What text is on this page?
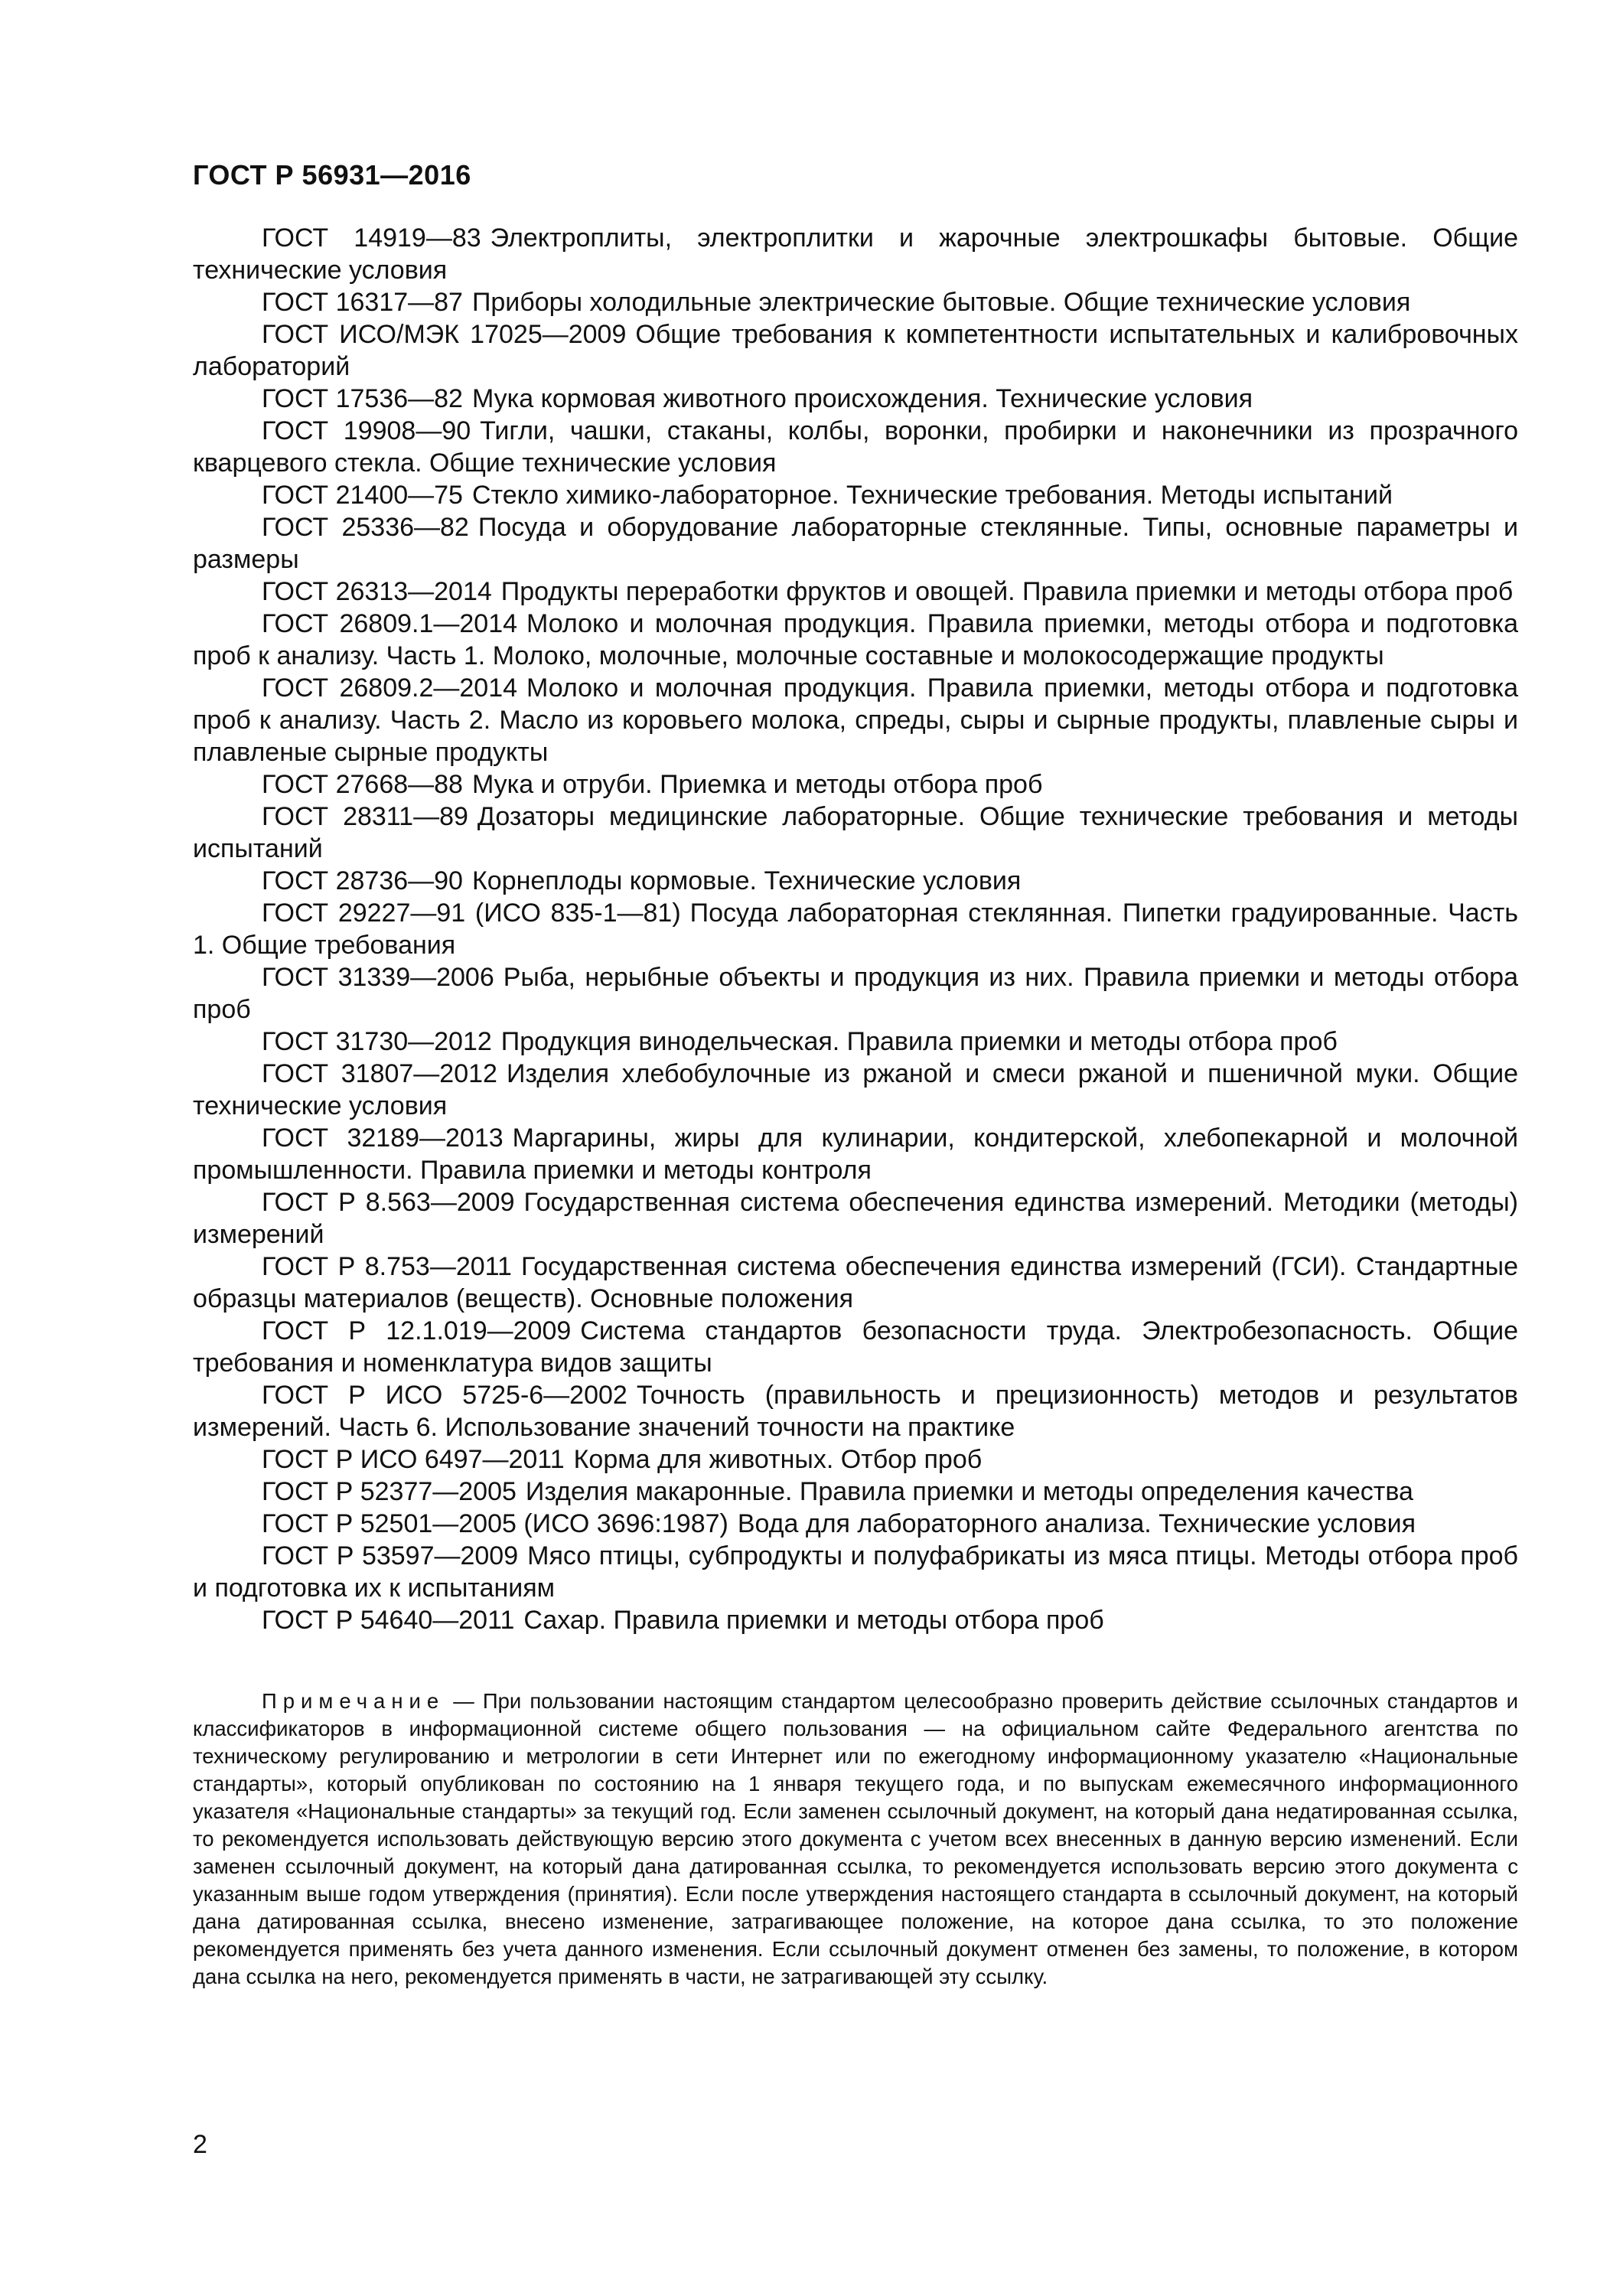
ГОСТ Р 56931—2016

ГОСТ 14919—83 Электроплиты, электроплитки и жарочные электрошкафы бытовые. Общие технические условия

ГОСТ 16317—87 Приборы холодильные электрические бытовые. Общие технические условия

ГОСТ ИСО/МЭК 17025—2009 Общие требования к компетентности испытательных и калибровочных лабораторий

ГОСТ 17536—82 Мука кормовая животного происхождения. Технические условия

ГОСТ 19908—90 Тигли, чашки, стаканы, колбы, воронки, пробирки и наконечники из прозрачного кварцевого стекла. Общие технические условия

ГОСТ 21400—75 Стекло химико-лабораторное. Технические требования. Методы испытаний

ГОСТ 25336—82 Посуда и оборудование лабораторные стеклянные. Типы, основные параметры и размеры

ГОСТ 26313—2014 Продукты переработки фруктов и овощей. Правила приемки и методы отбора проб

ГОСТ 26809.1—2014 Молоко и молочная продукция. Правила приемки, методы отбора и подготовка проб к анализу. Часть 1. Молоко, молочные, молочные составные и молокосодержащие продукты

ГОСТ 26809.2—2014 Молоко и молочная продукция. Правила приемки, методы отбора и подготовка проб к анализу. Часть 2. Масло из коровьего молока, спреды, сыры и сырные продукты, плавленые сыры и плавленые сырные продукты

ГОСТ 27668—88 Мука и отруби. Приемка и методы отбора проб

ГОСТ 28311—89 Дозаторы медицинские лабораторные. Общие технические требования и методы испытаний

ГОСТ 28736—90 Корнеплоды кормовые. Технические условия

ГОСТ 29227—91 (ИСО 835-1—81) Посуда лабораторная стеклянная. Пипетки градуированные. Часть 1. Общие требования

ГОСТ 31339—2006 Рыба, нерыбные объекты и продукция из них. Правила приемки и методы отбора проб

ГОСТ 31730—2012 Продукция винодельческая. Правила приемки и методы отбора проб

ГОСТ 31807—2012 Изделия хлебобулочные из ржаной и смеси ржаной и пшеничной муки. Общие технические условия

ГОСТ 32189—2013 Маргарины, жиры для кулинарии, кондитерской, хлебопекарной и молочной промышленности. Правила приемки и методы контроля

ГОСТ Р 8.563—2009 Государственная система обеспечения единства измерений. Методики (методы) измерений

ГОСТ Р 8.753—2011 Государственная система обеспечения единства измерений (ГСИ). Стандартные образцы материалов (веществ). Основные положения

ГОСТ Р 12.1.019—2009 Система стандартов безопасности труда. Электробезопасность. Общие требования и номенклатура видов защиты

ГОСТ Р ИСО 5725-6—2002 Точность (правильность и прецизионность) методов и результатов измерений. Часть 6. Использование значений точности на практике

ГОСТ Р ИСО 6497—2011 Корма для животных. Отбор проб

ГОСТ Р 52377—2005 Изделия макаронные. Правила приемки и методы определения качества

ГОСТ Р 52501—2005 (ИСО 3696:1987) Вода для лабораторного анализа. Технические условия

ГОСТ Р 53597—2009 Мясо птицы, субпродукты и полуфабрикаты из мяса птицы. Методы отбора проб и подготовка их к испытаниям

ГОСТ Р 54640—2011 Сахар. Правила приемки и методы отбора проб

Примечание — При пользовании настоящим стандартом целесообразно проверить действие ссылочных стандартов и классификаторов в информационной системе общего пользования — на официальном сайте Федерального агентства по техническому регулированию и метрологии в сети Интернет или по ежегодному информационному указателю «Национальные стандарты», который опубликован по состоянию на 1 января текущего года, и по выпускам ежемесячного информационного указателя «Национальные стандарты» за текущий год. Если заменен ссылочный документ, на который дана недатированная ссылка, то рекомендуется использовать действующую версию этого документа с учетом всех внесенных в данную версию изменений. Если заменен ссылочный документ, на который дана датированная ссылка, то рекомендуется использовать версию этого документа с указанным выше годом утверждения (принятия). Если после утверждения настоящего стандарта в ссылочный документ, на который дана датированная ссылка, внесено изменение, затрагивающее положение, на которое дана ссылка, то это положение рекомендуется применять без учета данного изменения. Если ссылочный документ отменен без замены, то положение, в котором дана ссылка на него, рекомендуется применять в части, не затрагивающей эту ссылку.
2
